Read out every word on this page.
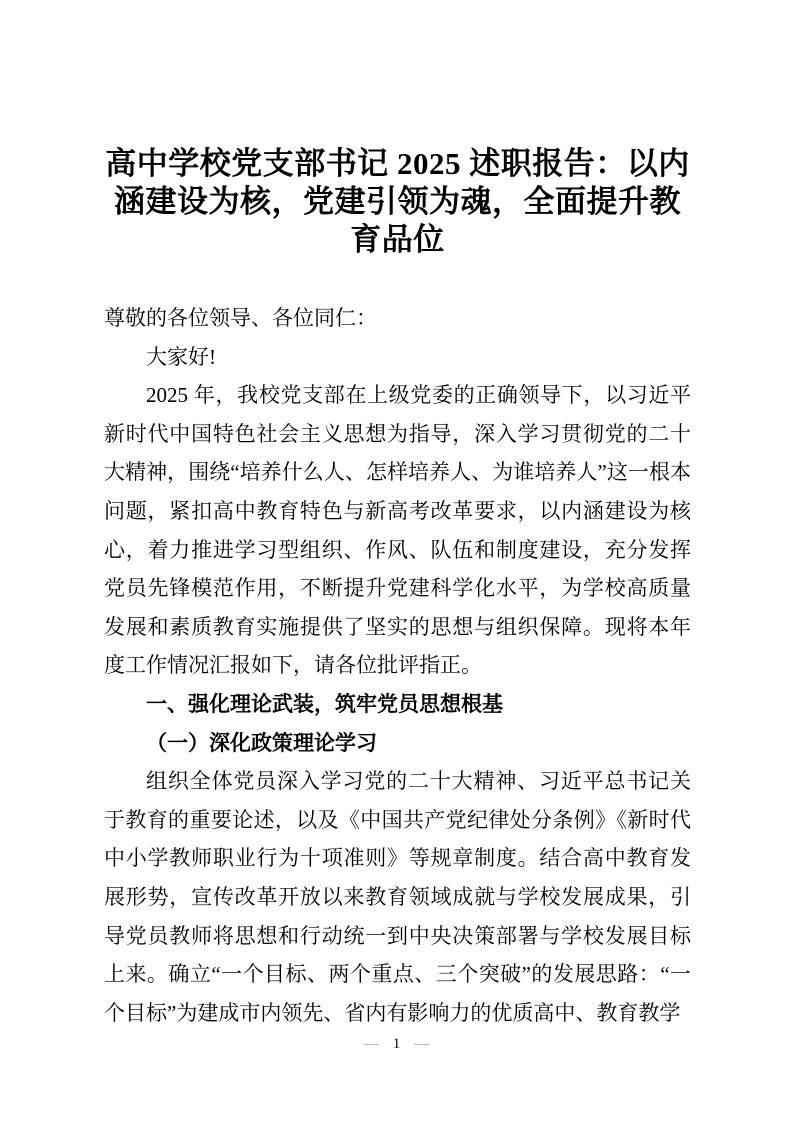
高中学校党支部书记 2025 述职报告：以内涵建设为核，党建引领为魂，全面提升教育品位

尊敬的各位领导、各位同仁：

大家好!

2025 年，我校党支部在上级党委的正确领导下，以习近平新时代中国特色社会主义思想为指导，深入学习贯彻党的二十大精神，围绕“培养什么人、怎样培养人、为谁培养人”这一根本问题，紧扣高中教育特色与新高考改革要求，以内涵建设为核心，着力推进学习型组织、作风、队伍和制度建设，充分发挥党员先锋模范作用，不断提升党建科学化水平，为学校高质量发展和素质教育实施提供了坚实的思想与组织保障。现将本年度工作情况汇报如下，请各位批评指正。

一、强化理论武装，筑牢党员思想根基

（一）深化政策理论学习

组织全体党员深入学习党的二十大精神、习近平总书记关于教育的重要论述，以及《中国共产党纪律处分条例》《新时代中小学教师职业行为十项准则》等规章制度。结合高中教育发展形势，宣传改革开放以来教育领域成就与学校发展成果，引导党员教师将思想和行动统一到中央决策部署与学校发展目标上来。确立“一个目标、两个重点、三个突破”的发展思路：“一个目标”为建成市内领先、省内有影响力的优质高中、教育教学

— 1 —
